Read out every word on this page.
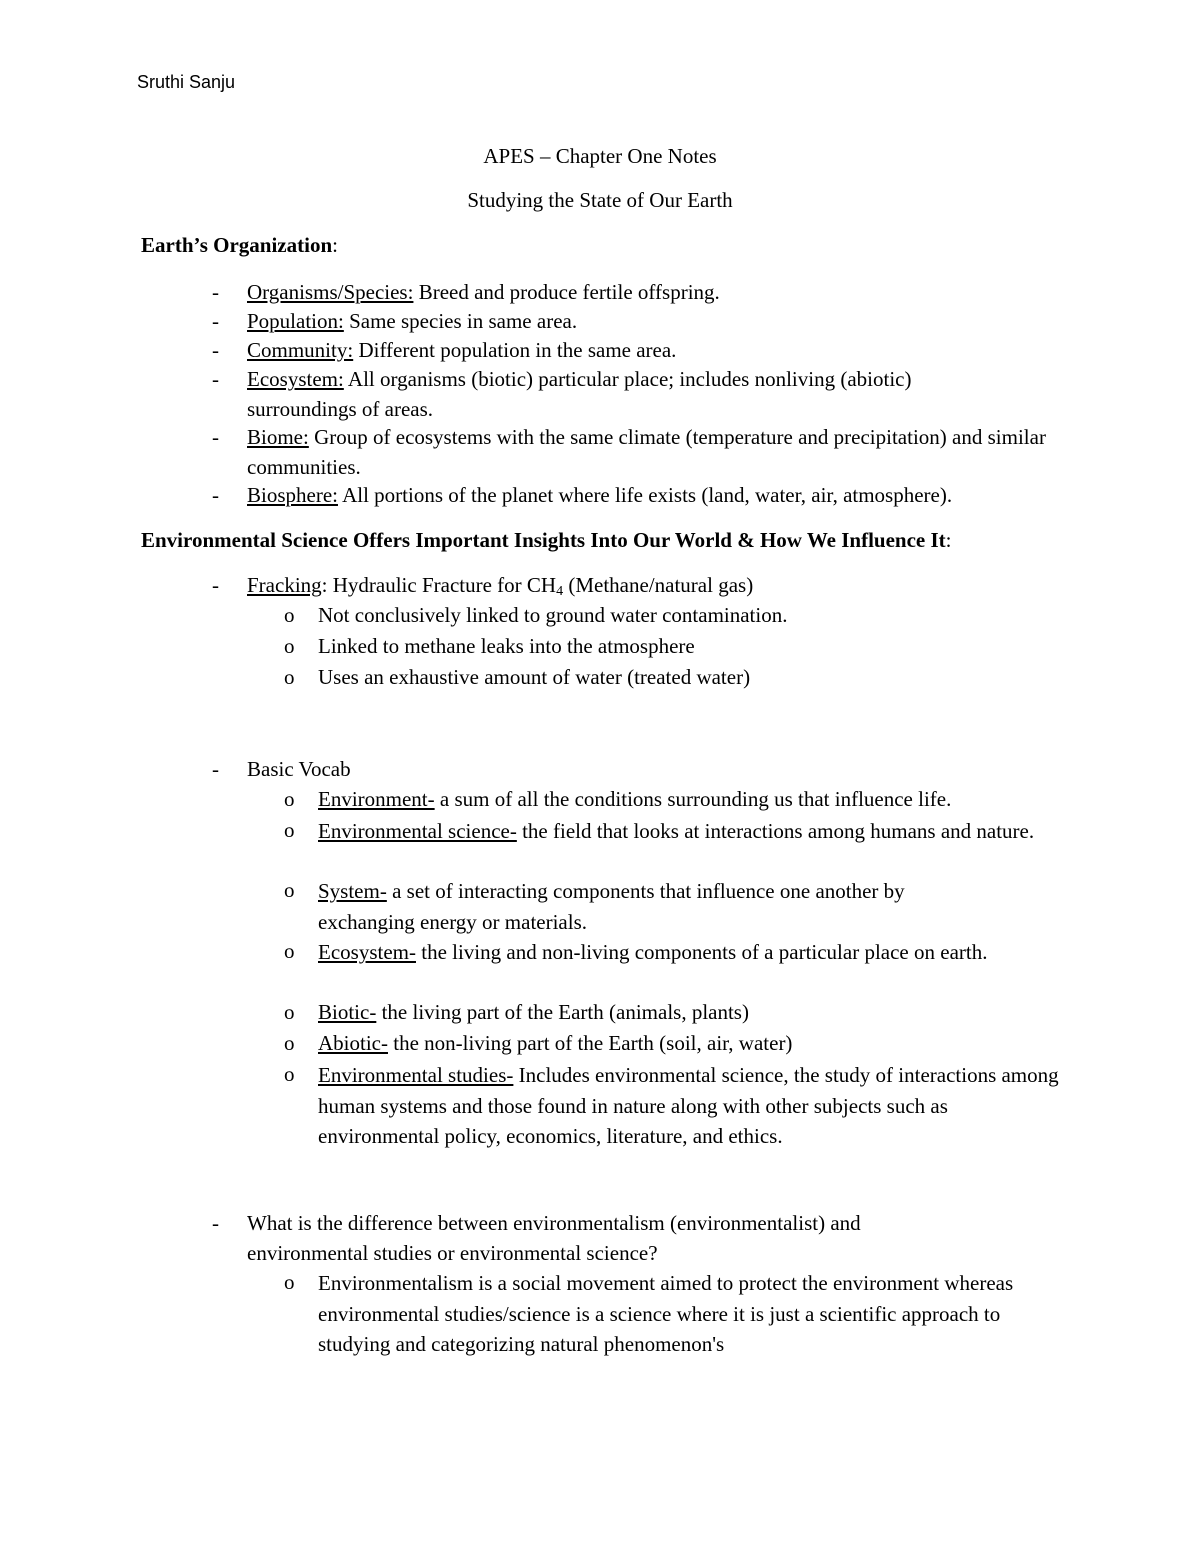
Sruthi Sanju
APES – Chapter One Notes
Studying the State of Our Earth
Earth’s Organization:
- Organisms/Species: Breed and produce fertile offspring.
- Population: Same species in same area.
- Community: Different population in the same area.
- Ecosystem: All organisms (biotic) particular place; includes nonliving (abiotic) surroundings of areas.
- Biome: Group of ecosystems with the same climate (temperature and precipitation) and similar communities.
- Biosphere: All portions of the planet where life exists (land, water, air, atmosphere).
Environmental Science Offers Important Insights Into Our World & How We Influence It:
- Fracking: Hydraulic Fracture for $CH_4$ (Methane/natural gas)
o Not conclusively linked to ground water contamination.
o Linked to methane leaks into the atmosphere
o Uses an exhaustive amount of water (treated water)
- Basic Vocab
o Environment- a sum of all the conditions surrounding us that influence life.
o Environmental science- the field that looks at interactions among humans and nature.
o System- a set of interacting components that influence one another by exchanging energy or materials.
o Ecosystem- the living and non-living components of a particular place on earth.
o Biotic- the living part of the Earth (animals, plants)
o Abiotic- the non-living part of the Earth (soil, air, water)
o Environmental studies- Includes environmental science, the study of interactions among human systems and those found in nature along with other subjects such as environmental policy, economics, literature, and ethics.
- What is the difference between environmentalism (environmentalist) and environmental studies or environmental science?
o Environmentalism is a social movement aimed to protect the environment whereas environmental studies/science is a science where it is just a scientific approach to studying and categorizing natural phenomenon's
